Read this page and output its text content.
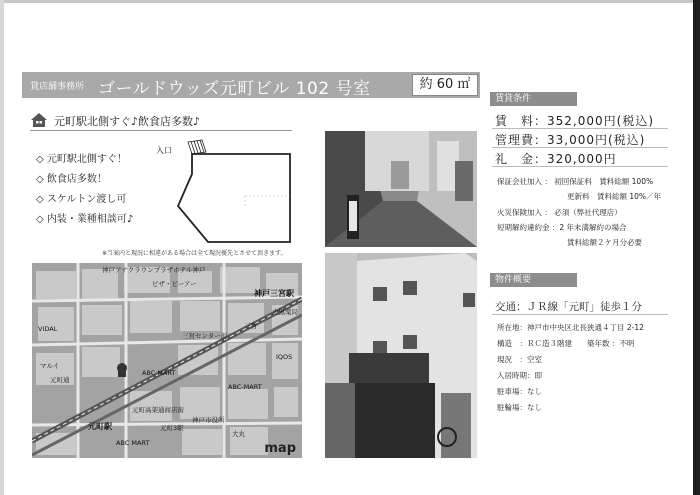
貸店舗事務所 ゴールドウッズ元町ビル 102 号室	約 60 ㎡
元町駅北側すぐ♪飲食店多数♪
◇ 元町駅北側すぐ！
◇ 飲食店多数！
◇ スケルトン渡し可
◇ 内装・業種相談可♪
入口
※当案内と現況に相違がある場合は全て現況優先とさせて頂きます。
神戸アナクラウンプラザホテル神戸
ピザ・ピーアー
神戸三宮駅
大黒薬局
三宮
三宮センター街
VIDAL
マルイ
元町通
ABC MART
IQOS
ABC-MART
元町高架通商店街
元町駅	元町3駅
神戸市役所
大丸
ABC MART	map
賃貸条件
賃　料：352,000円(税込)
管理費：33,000円(税込)
礼　金：320,000円
保証会社加入 ： 初回保証料　賃料総額 100%
更新料　賃料総額 10%／年
火災保険加入 ： 必須（弊社代理店）
短期解約違約金 ：2 年未満解約の場合
賃料総額２ケ月分必要
物件概要
交通：ＪＲ線「元町」徒歩１分
所在地：神戸市中央区北長狭通４丁目 2-12
構造　：ＲＣ造３階建　　築年数 ：不明
現況　：空室
入居時期：即
駐車場：なし
駐輪場：なし
